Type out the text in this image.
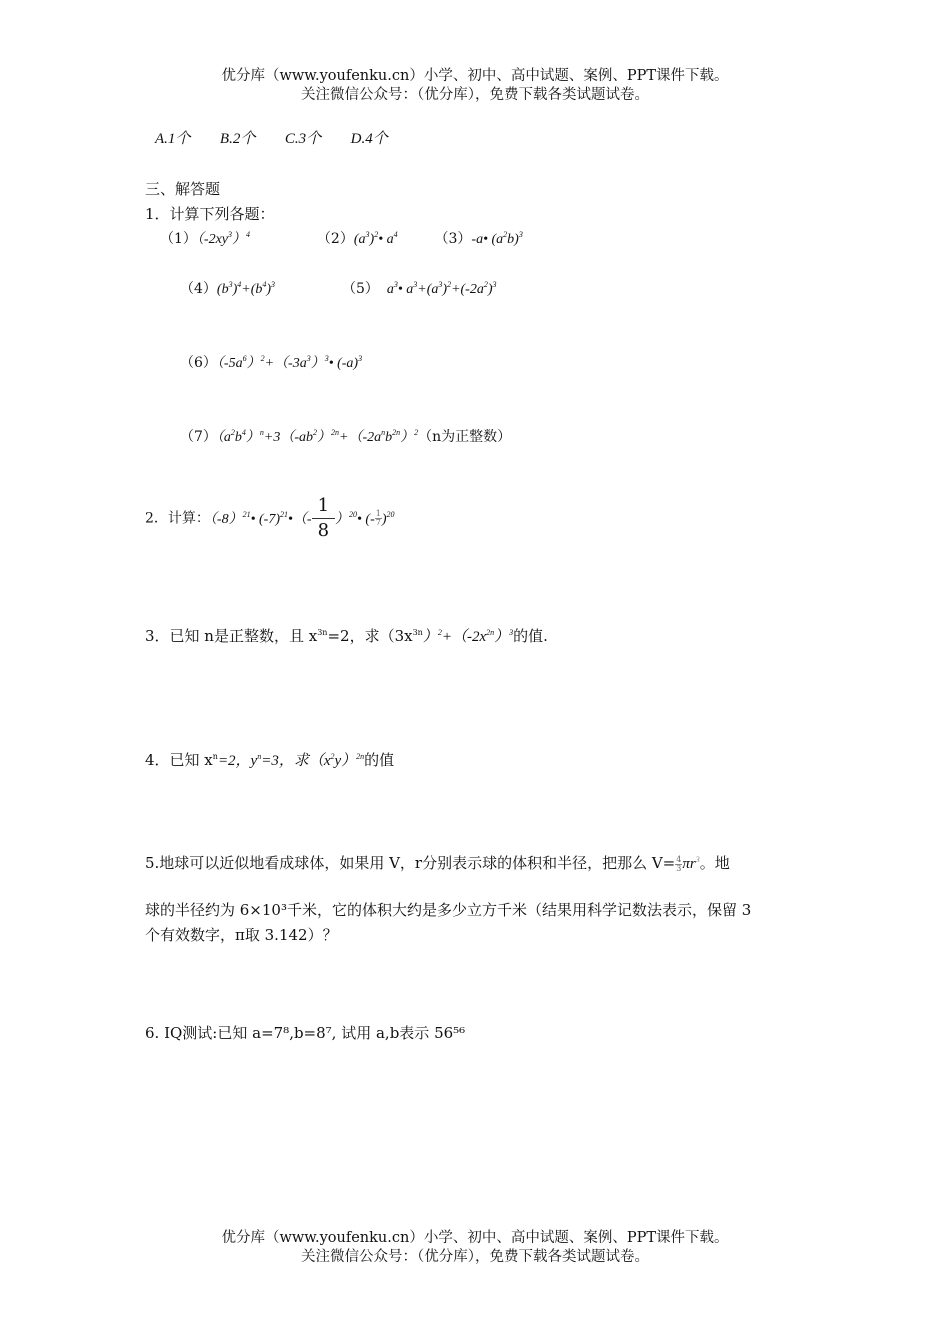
优分库（www.youfenku.cn）小学、初中、高中试题、案例、PPT课件下载。
关注微信公众号：（优分库），免费下载各类试题试卷。
A.1个 B.2个 C.3个 D.4个
三、解答题
1．计算下列各题：
$(1)(-2xy^3)^4$	$(2)(a^3)^2•$ $a^4$	（3）-a• $(a^2b)^3$
$(4)(b^3)^4+(b^4)^3$	（5） $a^3•$ $a^3+(a^3)^2+(-2a^2)^3$
$(6)(-5a^6)^2+(-3a^3)^3•$ $(-a)^3$
$(7)(a^2b^4)^n+3(-ab^2)^{2n}+(-2a^nb^{2n})^2(n$为正整数）
2．计算：$(-8)^{21}•$ $(-7)^{21}•(- \frac{1}{8}$ ）$^{20}$• (- $\frac{1}{7} )^{20}$
3．已知 n是正整数，且 $x^{3n}=2$，求$(3x^{3n})^2+(-2x^{2n})^3$的值.
4．已知 $x^n=2$，$y^n=3$，求$(x^2y)^{2n}$的值
5.地球可以近似地看成球体，如果用 V，r分别表示球的体积和半径，把那么 $V= \frac{4}{3} \pi r^3$。地
球的半径约为 6×10³千米，它的体积大约是多少立方千米（结果用科学记数法表示，保留 3
个有效数字，π取 3.142）？
6. IQ测试:已知 a=7⁸,b=8⁷, 试用 a,b表示 56⁵⁶
优分库（www.youfenku.cn）小学、初中、高中试题、案例、PPT课件下载。
关注微信公众号：（优分库），免费下载各类试题试卷。
